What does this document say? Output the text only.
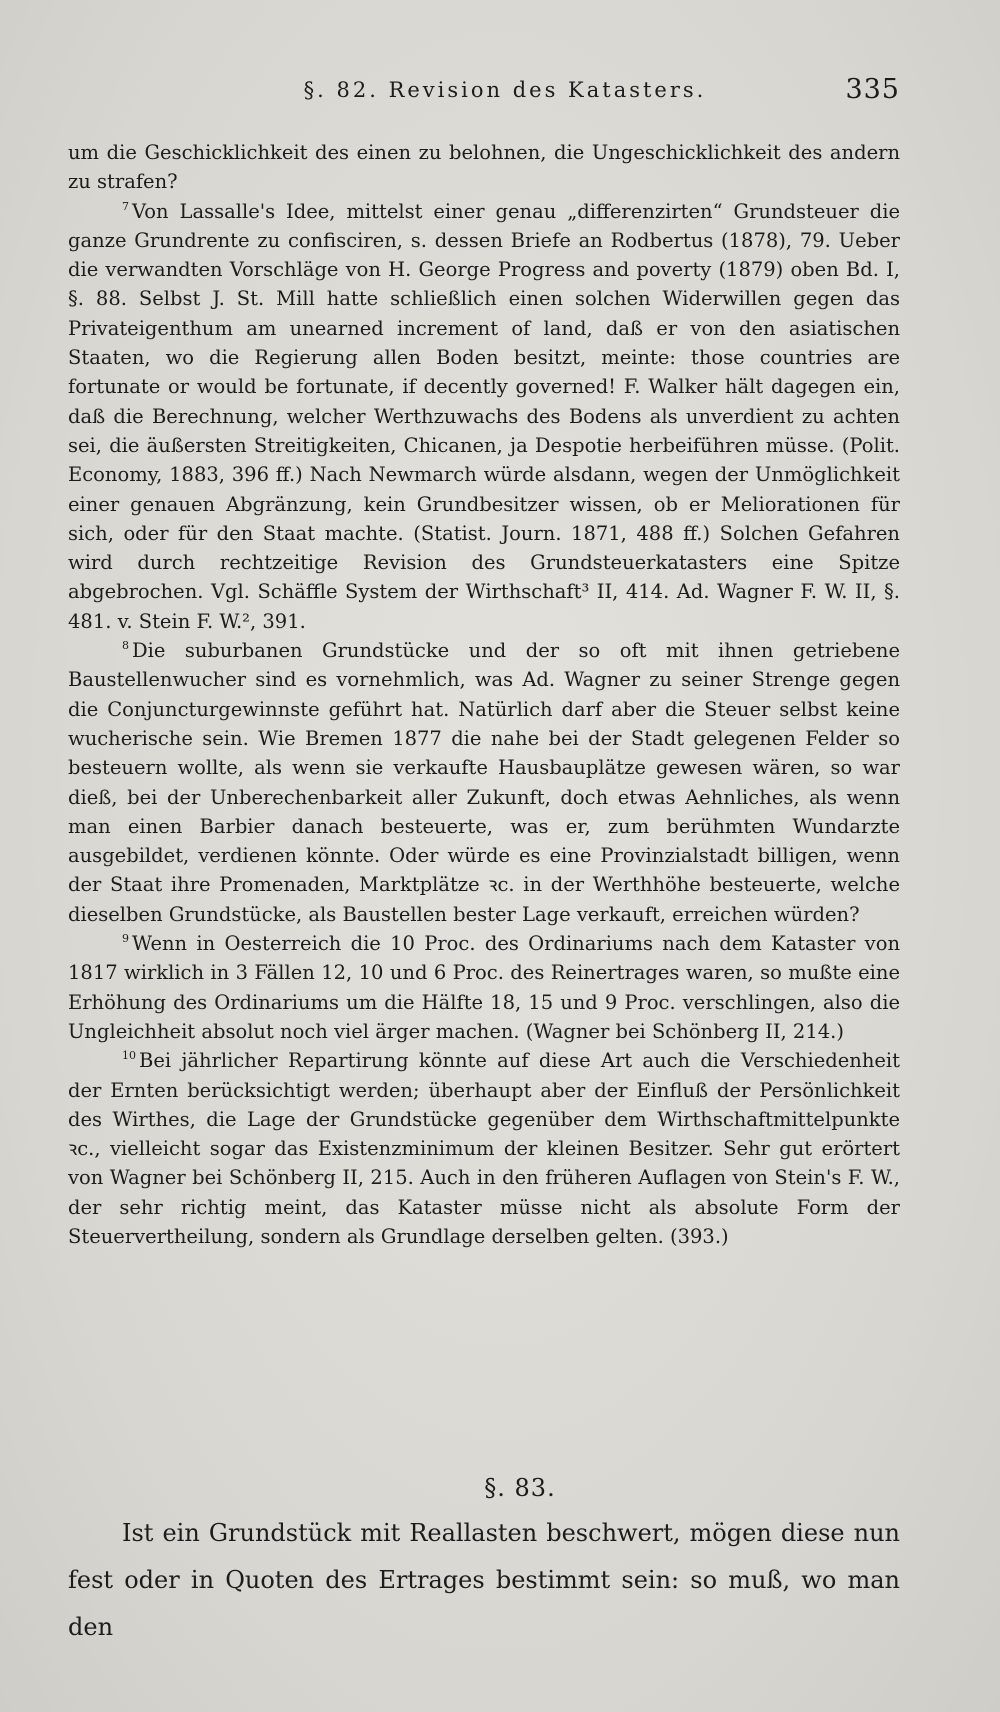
§. 82. Revision des Katasters.	335

um die Geschicklichkeit des einen zu belohnen, die Ungeschicklichkeit des andern zu strafen?

$^7$ Von Lassalle's Idee, mittelst einer genau „differenzirten“ Grundsteuer die ganze Grundrente zu confisciren, s. dessen Briefe an Rodbertus (1878), 79. Ueber die verwandten Vorschläge von H. George Progress and poverty (1879) oben Bd. I, §. 88. Selbst J. St. Mill hatte schließlich einen solchen Widerwillen gegen das Privateigenthum am unearned increment of land, daß er von den asiatischen Staaten, wo die Regierung allen Boden besitzt, meinte: those countries are fortunate or would be fortunate, if decently governed! F. Walker hält dagegen ein, daß die Berechnung, welcher Werthzuwachs des Bodens als unverdient zu achten sei, die äußersten Streitigkeiten, Chicanen, ja Despotie herbeiführen müsse. (Polit. Economy, 1883, 396 ff.) Nach Newmarch würde alsdann, wegen der Unmöglichkeit einer genauen Abgränzung, kein Grundbesitzer wissen, ob er Meliorationen für sich, oder für den Staat machte. (Statist. Journ. 1871, 488 ff.) Solchen Gefahren wird durch rechtzeitige Revision des Grundsteuerkatasters eine Spitze abgebrochen. Vgl. Schäffle System der Wirthschaft³ II, 414. Ad. Wagner F. W. II, §. 481. v. Stein F. W.², 391.

$^8$ Die suburbanen Grundstücke und der so oft mit ihnen getriebene Baustellenwucher sind es vornehmlich, was Ad. Wagner zu seiner Strenge gegen die Conjuncturgewinnste geführt hat. Natürlich darf aber die Steuer selbst keine wucherische sein. Wie Bremen 1877 die nahe bei der Stadt gelegenen Felder so besteuern wollte, als wenn sie verkaufte Hausbauplätze gewesen wären, so war dieß, bei der Unberechenbarkeit aller Zukunft, doch etwas Aehnliches, als wenn man einen Barbier danach besteuerte, was er, zum berühmten Wundarzte ausgebildet, verdienen könnte. Oder würde es eine Provinzialstadt billigen, wenn der Staat ihre Promenaden, Marktplätze ꝛc. in der Werthhöhe besteuerte, welche dieselben Grundstücke, als Baustellen bester Lage verkauft, erreichen würden?

$^9$ Wenn in Oesterreich die 10 Proc. des Ordinariums nach dem Kataster von 1817 wirklich in 3 Fällen 12, 10 und 6 Proc. des Reinertrages waren, so mußte eine Erhöhung des Ordinariums um die Hälfte 18, 15 und 9 Proc. verschlingen, also die Ungleichheit absolut noch viel ärger machen. (Wagner bei Schönberg II, 214.)

$^{10}$ Bei jährlicher Repartirung könnte auf diese Art auch die Verschiedenheit der Ernten berücksichtigt werden; überhaupt aber der Einfluß der Persönlichkeit des Wirthes, die Lage der Grundstücke gegenüber dem Wirthschaftmittelpunkte ꝛc., vielleicht sogar das Existenzminimum der kleinen Besitzer. Sehr gut erörtert von Wagner bei Schönberg II, 215. Auch in den früheren Auflagen von Stein's F. W., der sehr richtig meint, das Kataster müsse nicht als absolute Form der Steuervertheilung, sondern als Grundlage derselben gelten. (393.)

§. 83.

Ist ein Grundstück mit Reallasten beschwert, mögen diese nun fest oder in Quoten des Ertrages bestimmt sein: so muß, wo man den
